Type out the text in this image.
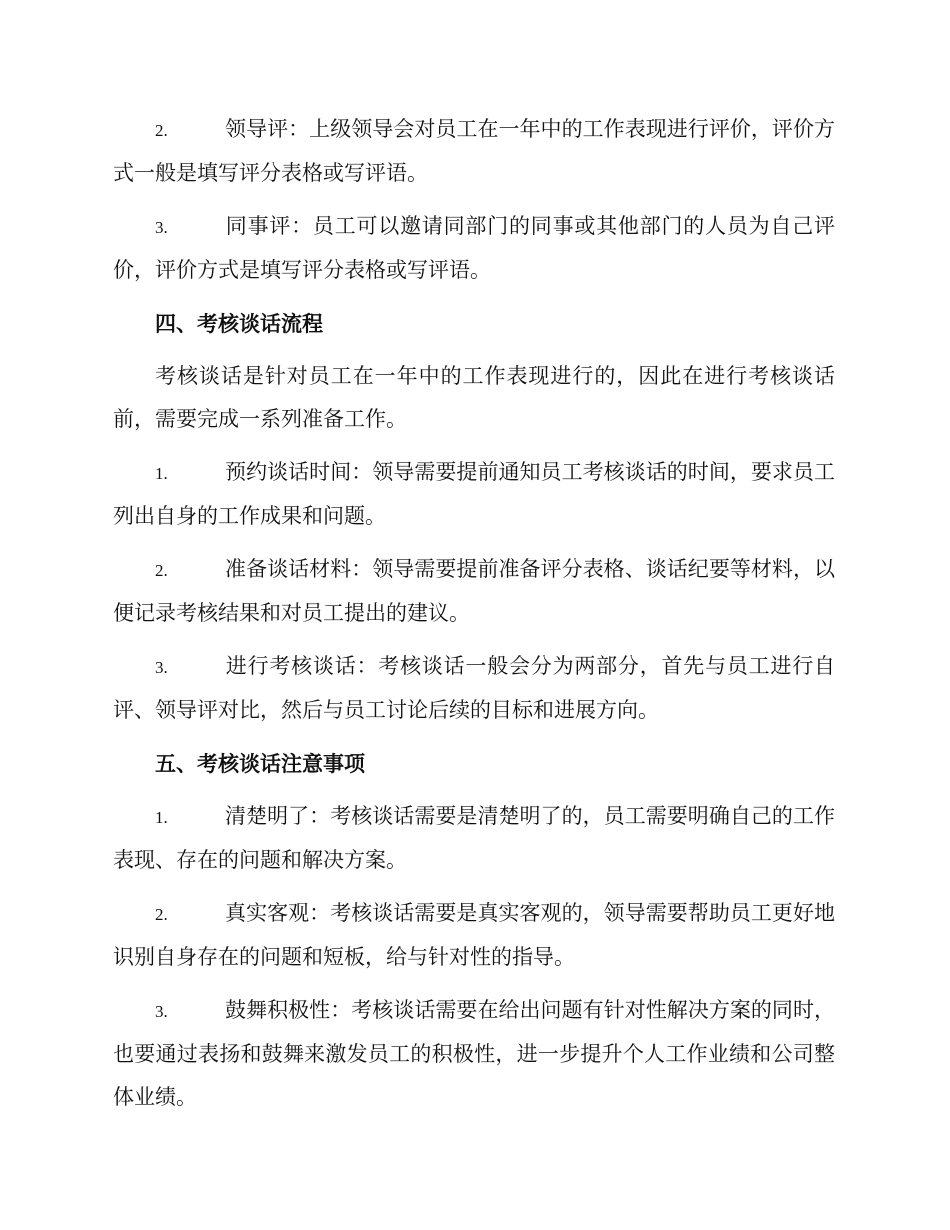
2.	领导评：上级领导会对员工在一年中的工作表现进行评价，评价方式一般是填写评分表格或写评语。

3.	同事评：员工可以邀请同部门的同事或其他部门的人员为自己评价，评价方式是填写评分表格或写评语。

四、考核谈话流程

考核谈话是针对员工在一年中的工作表现进行的，因此在进行考核谈话前，需要完成一系列准备工作。

1.	预约谈话时间：领导需要提前通知员工考核谈话的时间，要求员工列出自身的工作成果和问题。

2.	准备谈话材料：领导需要提前准备评分表格、谈话纪要等材料，以便记录考核结果和对员工提出的建议。

3.	进行考核谈话：考核谈话一般会分为两部分，首先与员工进行自评、领导评对比，然后与员工讨论后续的目标和进展方向。

五、考核谈话注意事项

1.	清楚明了：考核谈话需要是清楚明了的，员工需要明确自己的工作表现、存在的问题和解决方案。

2.	真实客观：考核谈话需要是真实客观的，领导需要帮助员工更好地识别自身存在的问题和短板，给与针对性的指导。

3.	鼓舞积极性：考核谈话需要在给出问题有针对性解决方案的同时，也要通过表扬和鼓舞来激发员工的积极性，进一步提升个人工作业绩和公司整体业绩。
